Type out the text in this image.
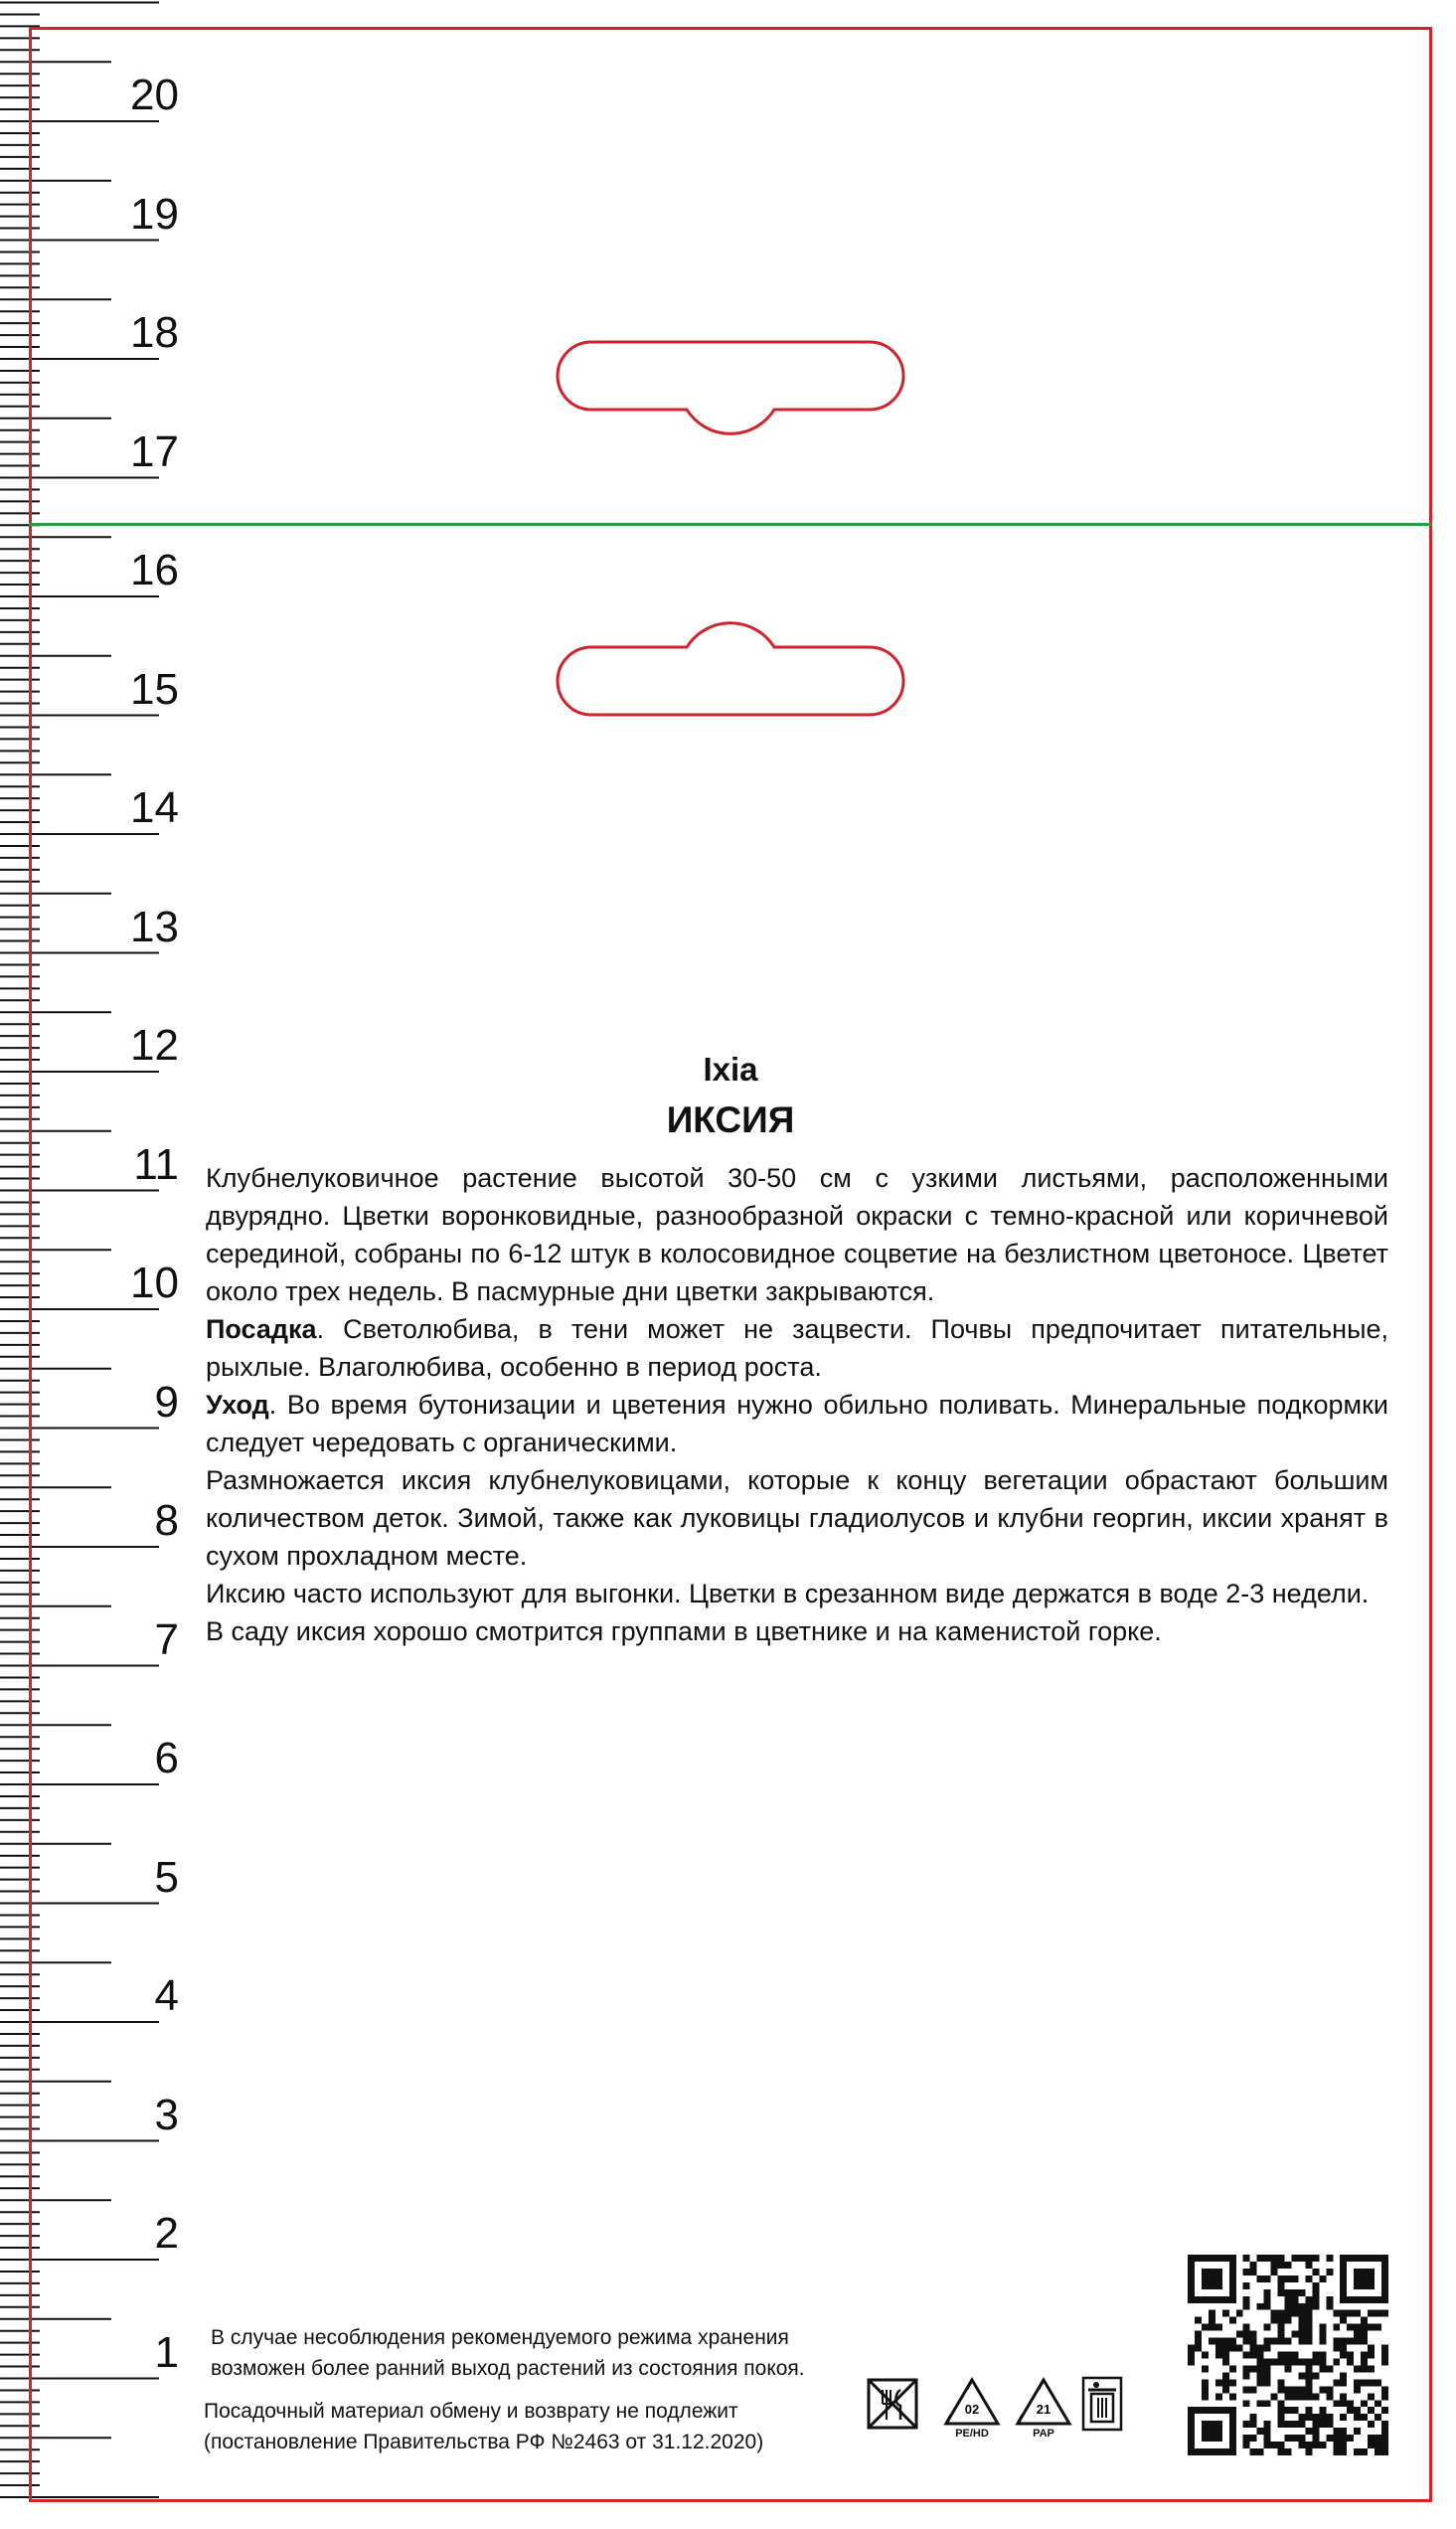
20
19
18
17
16
15
14
13
12
11
10
9
8
7
6
5
4
3
2
1
Ixia
ИКСИЯ

Клубнелуковичное растение высотой 30-50 см с узкими листьями, расположенными двурядно. Цветки воронковидные, разнообразной окраски с темно-красной или коричневой серединой, собраны по 6-12 штук в колосовидное соцветие на безлистном цветоносе. Цветет около трех недель. В пасмурные дни цветки закрываются.

Посадка. Светолюбива, в тени может не зацвести. Почвы предпочитает питательные, рыхлые. Влаголюбива, особенно в период роста.

Уход. Во время бутонизации и цветения нужно обильно поливать. Минеральные подкормки следует чередовать с органическими.

Размножается иксия клубнелуковицами, которые к концу вегетации обрастают большим количеством деток. Зимой, также как луковицы гладиолусов и клубни георгин, иксии хранят в сухом прохладном месте.

Иксию часто используют для выгонки. Цветки в срезанном виде держатся в воде 2-3 недели.

В саду иксия хорошо смотрится группами в цветнике и на каменистой горке.

В случае несоблюдения рекомендуемого режима хранения
возможен более ранний выход растений из состояния покоя.
Посадочный материал обмену и возврату не подлежит
(постановление Правительства РФ №2463 от 31.12.2020)
02
PE/HD
21
PAP
